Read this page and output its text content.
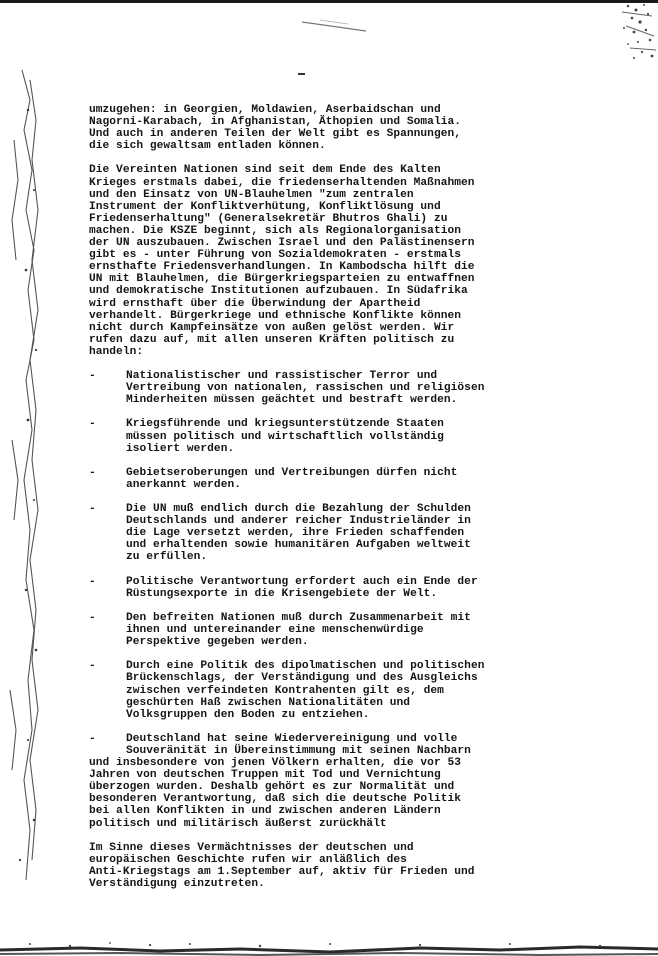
umzugehen: in Georgien, Moldawien, Aserbaidschan und
Nagorni-Karabach, in Afghanistan, Äthopien und Somalia.
Und auch in anderen Teilen der Welt gibt es Spannungen,
die sich gewaltsam entladen können.
Die Vereinten Nationen sind seit dem Ende des Kalten
Krieges erstmals dabei, die friedenserhaltenden Maßnahmen
und den Einsatz von UN-Blauhelmen "zum zentralen
Instrument der Konfliktverhütung, Konfliktlösung und
Friedenserhaltung" (Generalsekretär Bhutros Ghali) zu
machen. Die KSZE beginnt, sich als Regionalorganisation
der UN auszubauen. Zwischen Israel und den Palästinensern
gibt es - unter Führung von Sozialdemokraten - erstmals
ernsthafte Friedensverhandlungen. In Kambodscha hilft die
UN mit Blauhelmen, die Bürgerkriegsparteien zu entwaffnen
und demokratische Institutionen aufzubauen. In Südafrika
wird ernsthaft über die Überwindung der Apartheid
verhandelt. Bürgerkriege und ethnische Konflikte können
nicht durch Kampfeinsätze von außen gelöst werden. Wir
rufen dazu auf, mit allen unseren Kräften politisch zu
handeln:
-	Nationalistischer und rassistischer Terror und
Vertreibung von nationalen, rassischen und religiösen
Minderheiten müssen geächtet und bestraft werden.
-	Kriegsführende und kriegsunterstützende Staaten
müssen politisch und wirtschaftlich vollständig
isoliert werden.
-	Gebietseroberungen und Vertreibungen dürfen nicht
anerkannt werden.
-	Die UN muß endlich durch die Bezahlung der Schulden
Deutschlands und anderer reicher Industrieländer in
die Lage versetzt werden, ihre Frieden schaffenden
und erhaltenden sowie humanitären Aufgaben weltweit
zu erfüllen.
-	Politische Verantwortung erfordert auch ein Ende der
Rüstungsexporte in die Krisengebiete der Welt.
-	Den befreiten Nationen muß durch Zusammenarbeit mit
ihnen und untereinander eine menschenwürdige
Perspektive gegeben werden.
-	Durch eine Politik des dipolmatischen und politischen
Brückenschlags, der Verständigung und des Ausgleichs
zwischen verfeindeten Kontrahenten gilt es, dem
geschürten Haß zwischen Nationalitäten und
Volksgruppen den Boden zu entziehen.
-	Deutschland hat seine Wiedervereinigung und volle
Souveränität in Übereinstimmung mit seinen Nachbarn
und insbesondere von jenen Völkern erhalten, die vor 53
Jahren von deutschen Truppen mit Tod und Vernichtung
überzogen wurden. Deshalb gehört es zur Normalität und
besonderen Verantwortung, daß sich die deutsche Politik
bei allen Konflikten in und zwischen anderen Ländern
politisch und militärisch äußerst zurückhält
Im Sinne dieses Vermächtnisses der deutschen und
europäischen Geschichte rufen wir anläßlich des
Anti-Kriegstags am 1.September auf, aktiv für Frieden und
Verständigung einzutreten.
